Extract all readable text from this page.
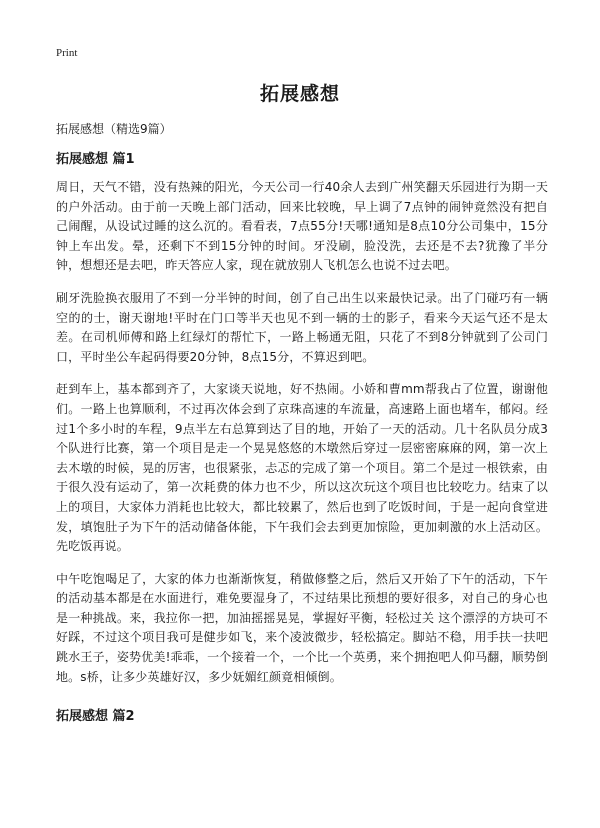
Print
拓展感想
拓展感想（精选9篇）
拓展感想 篇1

周日，天气不错，没有热辣的阳光，今天公司一行40余人去到广州笑翻天乐园进行为期一天的户外活动。由于前一天晚上部门活动，回来比较晚，早上调了7点钟的闹钟竟然没有把自己闹醒，从设试过睡的这么沉的。看看表，7点55分!天哪!通知是8点10分公司集中，15分钟上车出发。晕，还剩下不到15分钟的时间。牙没刷，脸没洗，去还是不去?犹豫了半分钟，想想还是去吧，昨天答应人家，现在就放别人飞机怎么也说不过去吧。

刷牙洗脸换衣服用了不到一分半钟的时间，创了自己出生以来最快记录。出了门碰巧有一辆空的的士，谢天谢地!平时在门口等半天也见不到一辆的士的影子，看来今天运气还不是太差。在司机师傅和路上红绿灯的帮忙下，一路上畅通无阻，只花了不到8分钟就到了公司门口，平时坐公车起码得要20分钟，8点15分，不算迟到吧。

赶到车上，基本都到齐了，大家谈天说地，好不热闹。小娇和曹mm帮我占了位置，谢谢他们。一路上也算顺利，不过再次体会到了京珠高速的车流量，高速路上面也堵车，郁闷。经过1个多小时的车程，9点半左右总算到达了目的地，开始了一天的活动。几十名队员分成3个队进行比赛，第一个项目是走一个晃晃悠悠的木墩然后穿过一层密密麻麻的网，第一次上去木墩的时候，晃的厉害，也很紧张，忐忑的完成了第一个项目。第二个是过一根铁索，由于很久没有运动了，第一次耗费的体力也不少，所以这次玩这个项目也比较吃力。结束了以上的项目，大家体力消耗也比较大，都比较累了，然后也到了吃饭时间，于是一起向食堂进发，填饱肚子为下午的活动储备体能，下午我们会去到更加惊险，更加刺激的水上活动区。先吃饭再说。

中午吃饱喝足了，大家的体力也渐渐恢复，稍做修整之后，然后又开始了下午的活动，下午的活动基本都是在水面进行，难免要湿身了，不过结果比预想的要好很多，对自己的身心也是一种挑战。来，我拉你一把，加油摇摇晃晃，掌握好平衡，轻松过关 这个漂浮的方块可不好踩，不过这个项目我可是健步如飞，来个凌波微步，轻松搞定。脚站不稳，用手扶一扶吧跳水王子，姿势优美!乖乖，一个接着一个，一个比一个英勇，来个拥抱吧人仰马翻，顺势倒地。s桥，让多少英雄好汉，多少妩媚红颜竟相倾倒。

拓展感想 篇2
